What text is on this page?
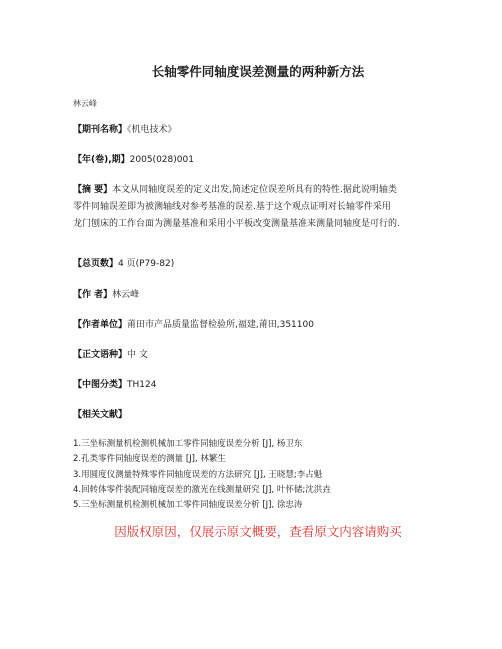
长轴零件同轴度误差测量的两种新方法
林云峰
【期刊名称】《机电技术》
【年(卷),期】2005(028)001
【摘 要】本文从同轴度误差的定义出发,简述定位误差所具有的特性.据此说明轴类
零件同轴误差即为被测轴线对参考基准的误差.基于这个观点证明对长轴零件采用
龙门刨床的工作台面为测量基准和采用小平板改变测量基准来测量同轴度是可行的.
【总页数】4 页(P79-82)
【作 者】林云峰
【作者单位】莆田市产品质量监督检验所,福建,莆田,351100
【正文语种】中 文
【中图分类】TH124
【相关文献】
1.三坐标测量机检测机械加工零件同轴度误差分析 [J], 杨卫东
2.孔类零件同轴度误差的测量 [J], 林繁生
3.用圆度仪测量特殊零件同轴度误差的方法研究 [J], 王晓慧;李占魁
4.回转体零件装配同轴度误差的激光在线测量研究 [J], 叶怀储;沈洪垚
5.三坐标测量机检测机械加工零件同轴度误差分析 [J], 徐忠涛
因版权原因，仅展示原文概要，查看原文内容请购买
